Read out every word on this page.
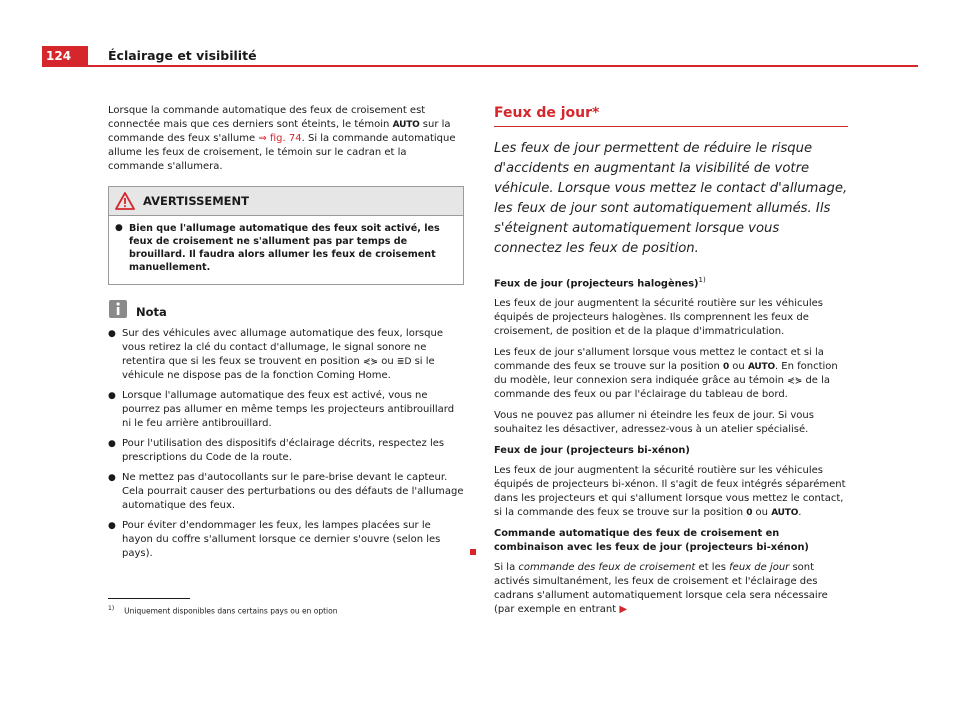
124	Éclairage et visibilité

Lorsque la commande automatique des feux de croisement est connectée mais que ces derniers sont éteints, le témoin AUTO sur la commande des feux s'allume ⇒ fig. 74. Si la commande automatique allume les feux de croisement, le témoin sur le cadran et la commande s'allumera.

AVERTISSEMENT
● Bien que l'allumage automatique des feux soit activé, les feux de croisement ne s'allument pas par temps de brouillard. Il faudra alors allumer les feux de croisement manuellement.
Nota
● Sur des véhicules avec allumage automatique des feux, lorsque vous retirez la clé du contact d'allumage, le signal sonore ne retentira que si les feux se trouvent en position ⋞⋟ ou ≣D si le véhicule ne dispose pas de la fonction Coming Home.
● Lorsque l'allumage automatique des feux est activé, vous ne pourrez pas allumer en même temps les projecteurs antibrouillard ni le feu arrière antibrouillard.
● Pour l'utilisation des dispositifs d'éclairage décrits, respectez les prescriptions du Code de la route.
● Ne mettez pas d'autocollants sur le pare-brise devant le capteur. Cela pourrait causer des perturbations ou des défauts de l'allumage automatique des feux.
● Pour éviter d'endommager les feux, les lampes placées sur le hayon du coffre s'allument lorsque ce dernier s'ouvre (selon les pays).
Feux de jour*
Les feux de jour permettent de réduire le risque d'accidents en augmentant la visibilité de votre véhicule. Lorsque vous mettez le contact d'allumage, les feux de jour sont automatiquement allumés. Ils s'éteignent automatiquement lorsque vous connectez les feux de position.
Feux de jour (projecteurs halogènes)$^{1)}$

Les feux de jour augmentent la sécurité routière sur les véhicules équipés de projecteurs halogènes. Ils comprennent les feux de croisement, de position et de la plaque d'immatriculation.

Les feux de jour s'allument lorsque vous mettez le contact et si la commande des feux se trouve sur la position 0 ou AUTO. En fonction du modèle, leur connexion sera indiquée grâce au témoin ⋞⋟ de la commande des feux ou par l'éclairage du tableau de bord.

Vous ne pouvez pas allumer ni éteindre les feux de jour. Si vous souhaitez les désactiver, adressez-vous à un atelier spécialisé.

Feux de jour (projecteurs bi-xénon)

Les feux de jour augmentent la sécurité routière sur les véhicules équipés de projecteurs bi-xénon. Il s'agit de feux intégrés séparément dans les projecteurs et qui s'allument lorsque vous mettez le contact, si la commande des feux se trouve sur la position 0 ou AUTO.

Commande automatique des feux de croisement en combinaison avec les feux de jour (projecteurs bi-xénon)

Si la commande des feux de croisement et les feux de jour sont activés simultanément, les feux de croisement et l'éclairage des cadrans s'allument automatiquement lorsque cela sera nécessaire (par exemple en entrant ▶

$^{1)}$ Uniquement disponibles dans certains pays ou en option
